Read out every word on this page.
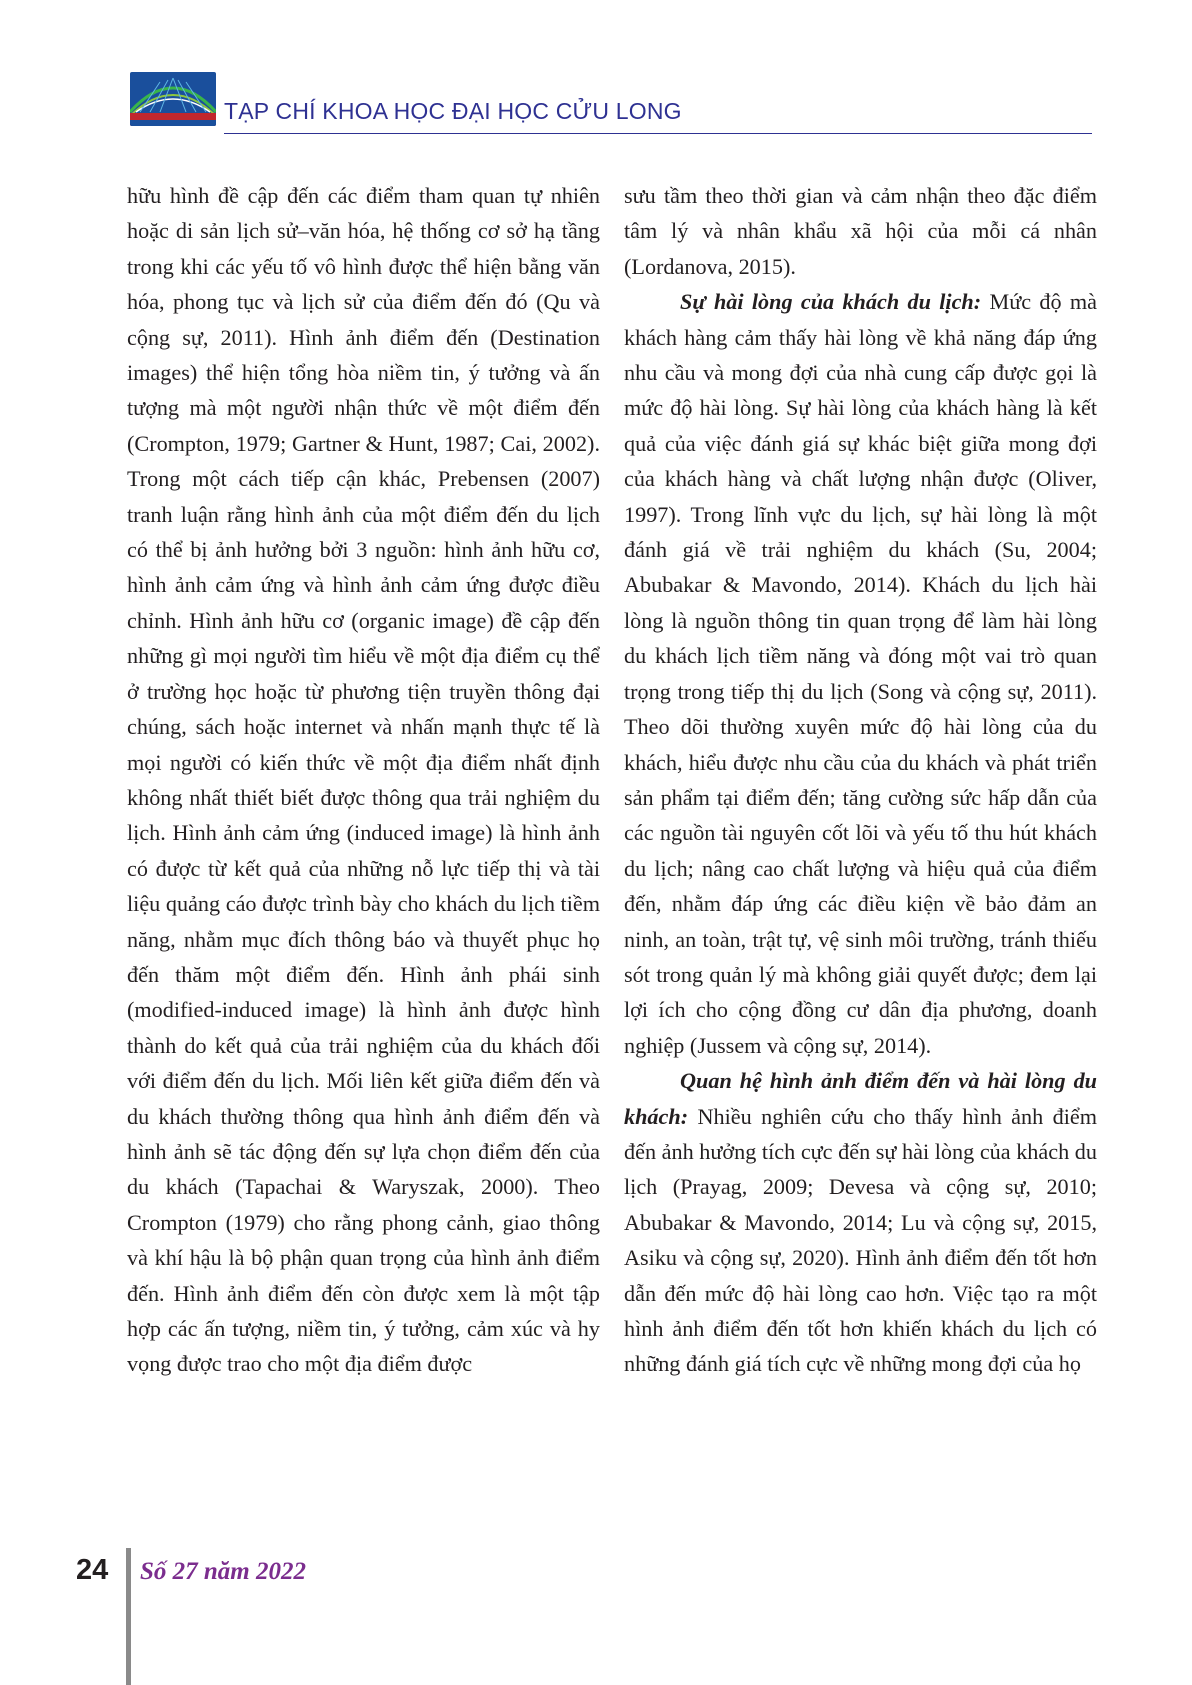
TẠP CHÍ KHOA HỌC ĐẠI HỌC CỬU LONG

hữu hình đề cập đến các điểm tham quan tự nhiên hoặc di sản lịch sử–văn hóa, hệ thống cơ sở hạ tầng trong khi các yếu tố vô hình được thể hiện bằng văn hóa, phong tục và lịch sử của điểm đến đó (Qu và cộng sự, 2011). Hình ảnh điểm đến (Destination images) thể hiện tổng hòa niềm tin, ý tưởng và ấn tượng mà một người nhận thức về một điểm đến (Crompton, 1979; Gartner & Hunt, 1987; Cai, 2002). Trong một cách tiếp cận khác, Prebensen (2007) tranh luận rằng hình ảnh của một điểm đến du lịch có thể bị ảnh hưởng bởi 3 nguồn: hình ảnh hữu cơ, hình ảnh cảm ứng và hình ảnh cảm ứng được điều chỉnh. Hình ảnh hữu cơ (organic image) đề cập đến những gì mọi người tìm hiểu về một địa điểm cụ thể ở trường học hoặc từ phương tiện truyền thông đại chúng, sách hoặc internet và nhấn mạnh thực tế là mọi người có kiến thức về một địa điểm nhất định không nhất thiết biết được thông qua trải nghiệm du lịch. Hình ảnh cảm ứng (induced image) là hình ảnh có được từ kết quả của những nỗ lực tiếp thị và tài liệu quảng cáo được trình bày cho khách du lịch tiềm năng, nhằm mục đích thông báo và thuyết phục họ đến thăm một điểm đến. Hình ảnh phái sinh (modified-induced image) là hình ảnh được hình thành do kết quả của trải nghiệm của du khách đối với điểm đến du lịch. Mối liên kết giữa điểm đến và du khách thường thông qua hình ảnh điểm đến và hình ảnh sẽ tác động đến sự lựa chọn điểm đến của du khách (Tapachai & Waryszak, 2000). Theo Crompton (1979) cho rằng phong cảnh, giao thông và khí hậu là bộ phận quan trọng của hình ảnh điểm đến. Hình ảnh điểm đến còn được xem là một tập hợp các ấn tượng, niềm tin, ý tưởng, cảm xúc và hy vọng được trao cho một địa điểm được

sưu tầm theo thời gian và cảm nhận theo đặc điểm tâm lý và nhân khẩu xã hội của mỗi cá nhân (Lordanova, 2015).

Sự hài lòng của khách du lịch: Mức độ mà khách hàng cảm thấy hài lòng về khả năng đáp ứng nhu cầu và mong đợi của nhà cung cấp được gọi là mức độ hài lòng. Sự hài lòng của khách hàng là kết quả của việc đánh giá sự khác biệt giữa mong đợi của khách hàng và chất lượng nhận được (Oliver, 1997). Trong lĩnh vực du lịch, sự hài lòng là một đánh giá về trải nghiệm du khách (Su, 2004; Abubakar & Mavondo, 2014). Khách du lịch hài lòng là nguồn thông tin quan trọng để làm hài lòng du khách lịch tiềm năng và đóng một vai trò quan trọng trong tiếp thị du lịch (Song và cộng sự, 2011). Theo dõi thường xuyên mức độ hài lòng của du khách, hiểu được nhu cầu của du khách và phát triển sản phẩm tại điểm đến; tăng cường sức hấp dẫn của các nguồn tài nguyên cốt lõi và yếu tố thu hút khách du lịch; nâng cao chất lượng và hiệu quả của điểm đến, nhằm đáp ứng các điều kiện về bảo đảm an ninh, an toàn, trật tự, vệ sinh môi trường, tránh thiếu sót trong quản lý mà không giải quyết được; đem lại lợi ích cho cộng đồng cư dân địa phương, doanh nghiệp (Jussem và cộng sự, 2014).

Quan hệ hình ảnh điểm đến và hài lòng du khách: Nhiều nghiên cứu cho thấy hình ảnh điểm đến ảnh hưởng tích cực đến sự hài lòng của khách du lịch (Prayag, 2009; Devesa và cộng sự, 2010; Abubakar & Mavondo, 2014; Lu và cộng sự, 2015, Asiku và cộng sự, 2020). Hình ảnh điểm đến tốt hơn dẫn đến mức độ hài lòng cao hơn. Việc tạo ra một hình ảnh điểm đến tốt hơn khiến khách du lịch có những đánh giá tích cực về những mong đợi của họ

24 Số 27 năm 2022
